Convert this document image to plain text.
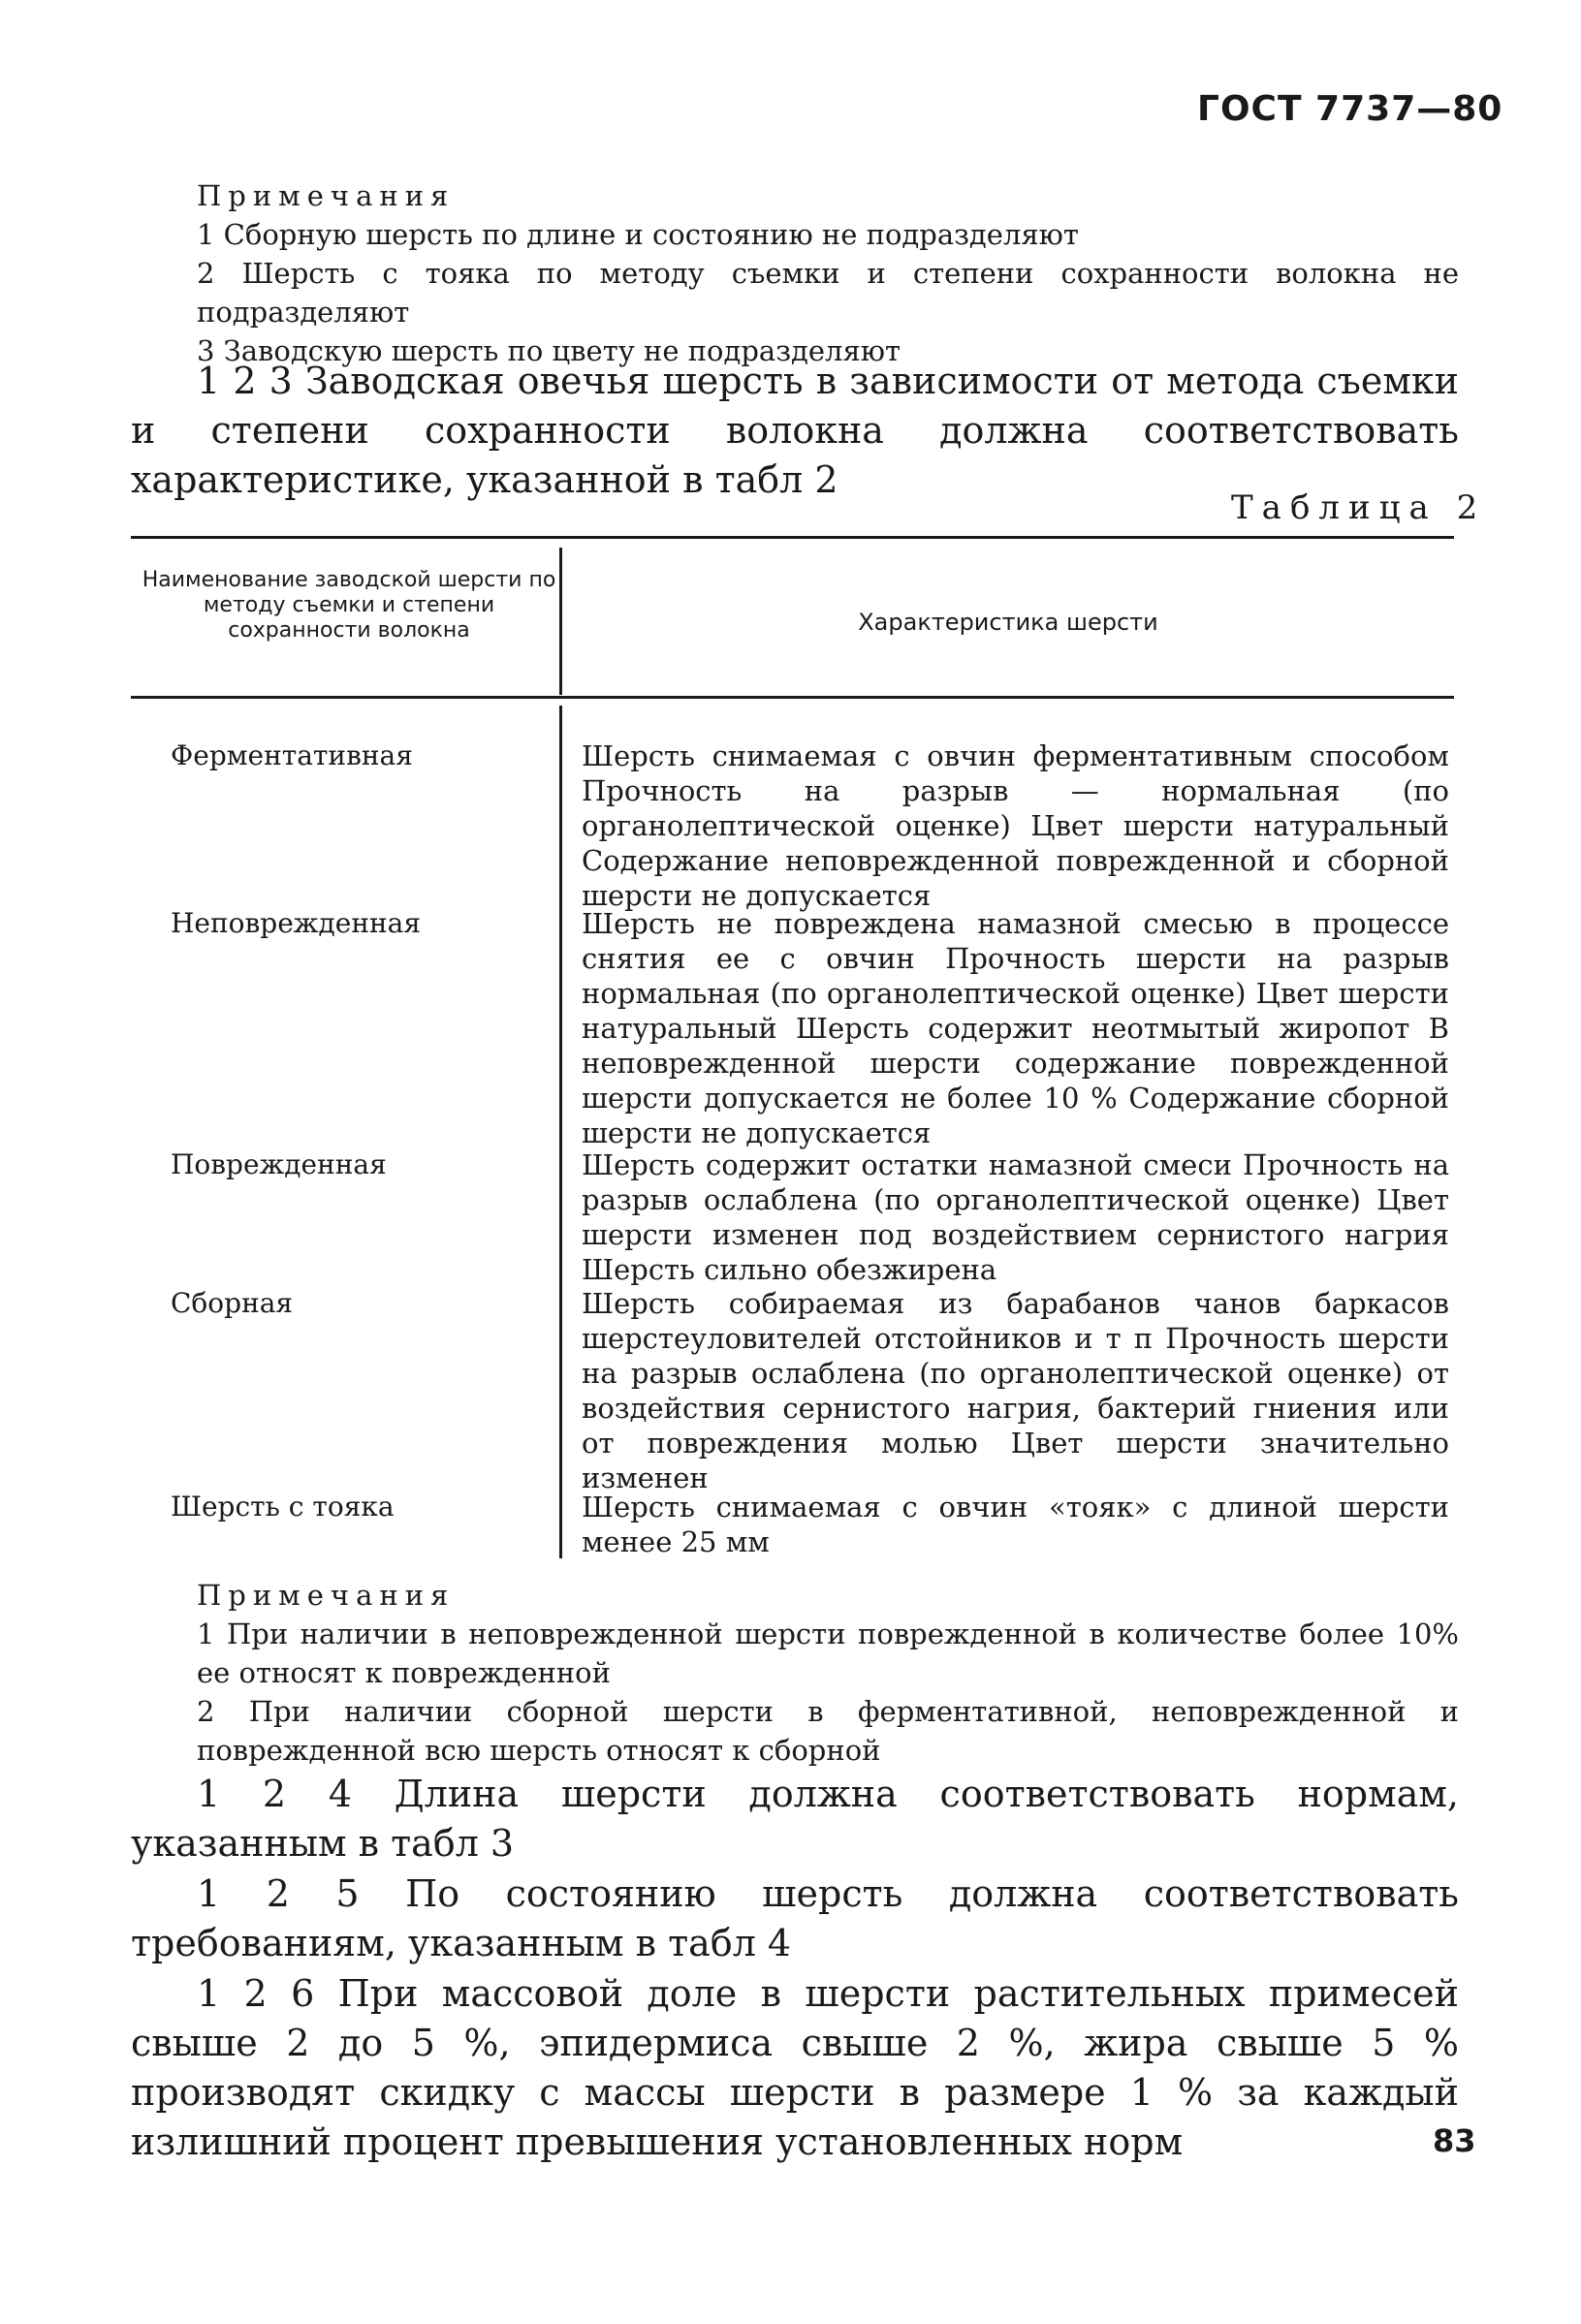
ГОСТ 7737—80

Примечания

1 Сборную шерсть по длине и состоянию не подразделяют

2 Шерсть с тояка по методу съемки и степени сохранности волокна не подразделяют

3 Заводскую шерсть по цвету не подразделяют

1 2 3 Заводская овечья шерсть в зависимости от метода съемки и степени сохранности волокна должна соответствовать характеристике, указанной в табл 2
Таблица 2
Наименование заводской шерсти по методу съемки и степени сохранности волокна	Характеристика шерсти
Ферментативная	Шерсть снимаемая с овчин ферментативным способом Прочность на разрыв — нормальная (по органолептической оценке) Цвет шерсти натуральный Содержание неповрежденной поврежденной и сборной шерсти не допускается
Неповрежденная	Шерсть не повреждена намазной смесью в процессе снятия ее с овчин Прочность шерсти на разрыв нормальная (по органолептической оценке) Цвет шерсти натуральный Шерсть содержит неотмытый жиропот В неповрежденной шерсти содержание поврежденной шерсти допускается не более 10 % Содержание сборной шерсти не допускается
Поврежденная	Шерсть содержит остатки намазной смеси Прочность на разрыв ослаблена (по органолептической оценке) Цвет шерсти изменен под воздействием сернистого нагрия Шерсть сильно обезжирена
Сборная	Шерсть собираемая из барабанов чанов баркасов шерстеуловителей отстойников и т п Прочность шерсти на разрыв ослаблена (по органолептической оценке) от воздействия сернистого нагрия, бактерий гниения или от повреждения молью Цвет шерсти значительно изменен
Шерсть с тояка	Шерсть снимаемая с овчин «тояк» с длиной шерсти менее 25 мм

Примечания

1 При наличии в неповрежденной шерсти поврежденной в количестве более 10% ее относят к поврежденной

2 При наличии сборной шерсти в ферментативной, неповрежденной и поврежденной всю шерсть относят к сборной

1 2 4 Длина шерсти должна соответствовать нормам, указанным в табл 3
1 2 5 По состоянию шерсть должна соответствовать требованиям, указанным в табл 4
1 2 6 При массовой доле в шерсти растительных примесей свыше 2 до 5 %, эпидермиса свыше 2 %, жира свыше 5 % производят скидку с массы шерсти в размере 1 % за каждый излишний процент превышения установленных норм	83
